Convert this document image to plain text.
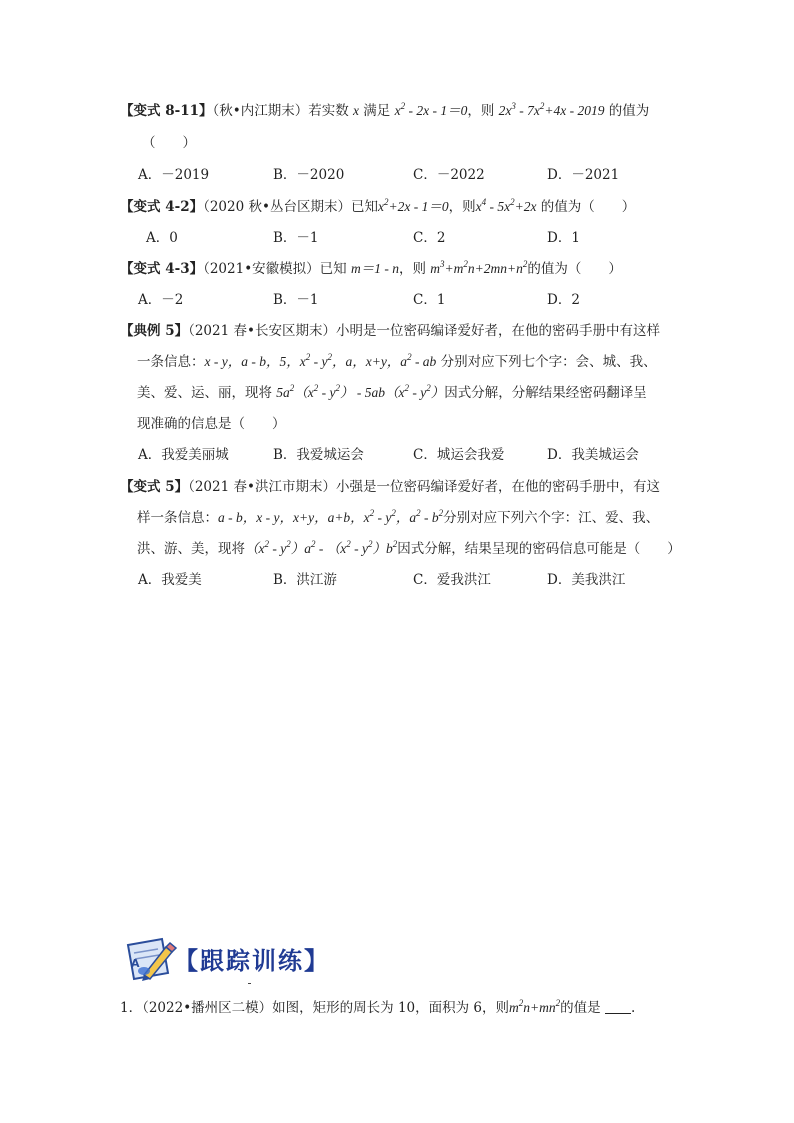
【变式 8-11】（秋•内江期末）若实数 x 满足 $x^2 - 2x - 1=0$，则 $2x^3 - 7x^2+4x - 2019$ 的值为
（　　）
A．－2019	B．－2020	C．－2022	D．－2021
【变式 4-2】（2020 秋•丛台区期末）已知$x^2+2x - 1=0$，则$x^4 - 5x^2+2x$ 的值为（　　）
A．0	B．－1	C．2	D．1
【变式 4-3】（2021•安徽模拟）已知 m＝1 - n，则 $m^3+m^2n+2mn+n^2$的值为（　　）
A．－2	B．－1	C．1	D．2
【典例 5】（2021 春•长安区期末）小明是一位密码编译爱好者，在他的密码手册中有这样
一条信息：x - y，a - b，5，$x^2 - y^2$，a，x+y，$a^2$ - ab 分别对应下列七个字：会、城、我、
美、爱、运、丽，现将 $5a^2(x^2 - y^2) - 5ab(x^2 - y^2)$因式分解，分解结果经密码翻译呈
现准确的信息是（　　）
A．我爱美丽城	B．我爱城运会	C．城运会我爱	D．我美城运会
【变式 5】（2021 春•洪江市期末）小强是一位密码编译爱好者，在他的密码手册中，有这
样一条信息：a - b，x - y，x+y，a+b，$x^2 - y^2$，$a^2 - b^2$分别对应下列六个字：江、爱、我、
洪、游、美，现将$(x^2 - y^2)a^2 - (x^2 - y^2)b^2$因式分解，结果呈现的密码信息可能是（　　）
A．我爱美	B．洪江游	C．爱我洪江	D．美我洪江
A 【跟踪训练】
1．（2022•播州区二模）如图，矩形的周长为 10，面积为 6，则$m^2n+mn^2$的值是 .
